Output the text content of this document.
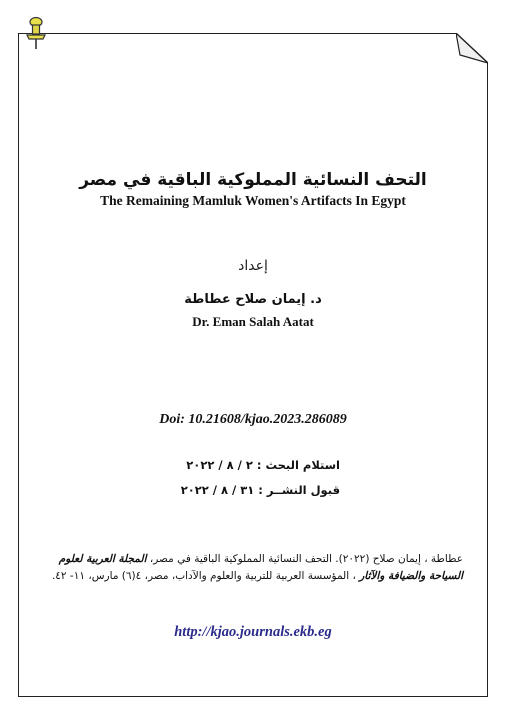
التحف النسائية المملوكية الباقية في مصر
The Remaining Mamluk Women's Artifacts In Egypt
إعداد
د. إيمان صلاح عطاطة
Dr. Eman Salah Aatat
Doi: 10.21608/kjao.2023.286089
استلام البحث : ٢ / ٨ / ٢٠٢٢
قبول النشــر : ٣١ / ٨ / ٢٠٢٢
عطاطة ، إيمان صلاح (٢٠٢٢). التحف النسائية المملوكية الباقية في مصر، المجلة العربية لعلوم السياحة والضيافة والآثار ، المؤسسة العربية للتربية والعلوم والآداب، مصر، ٤(٦) مارس، ١١- ٤٢.
http://kjao.journals.ekb.eg
